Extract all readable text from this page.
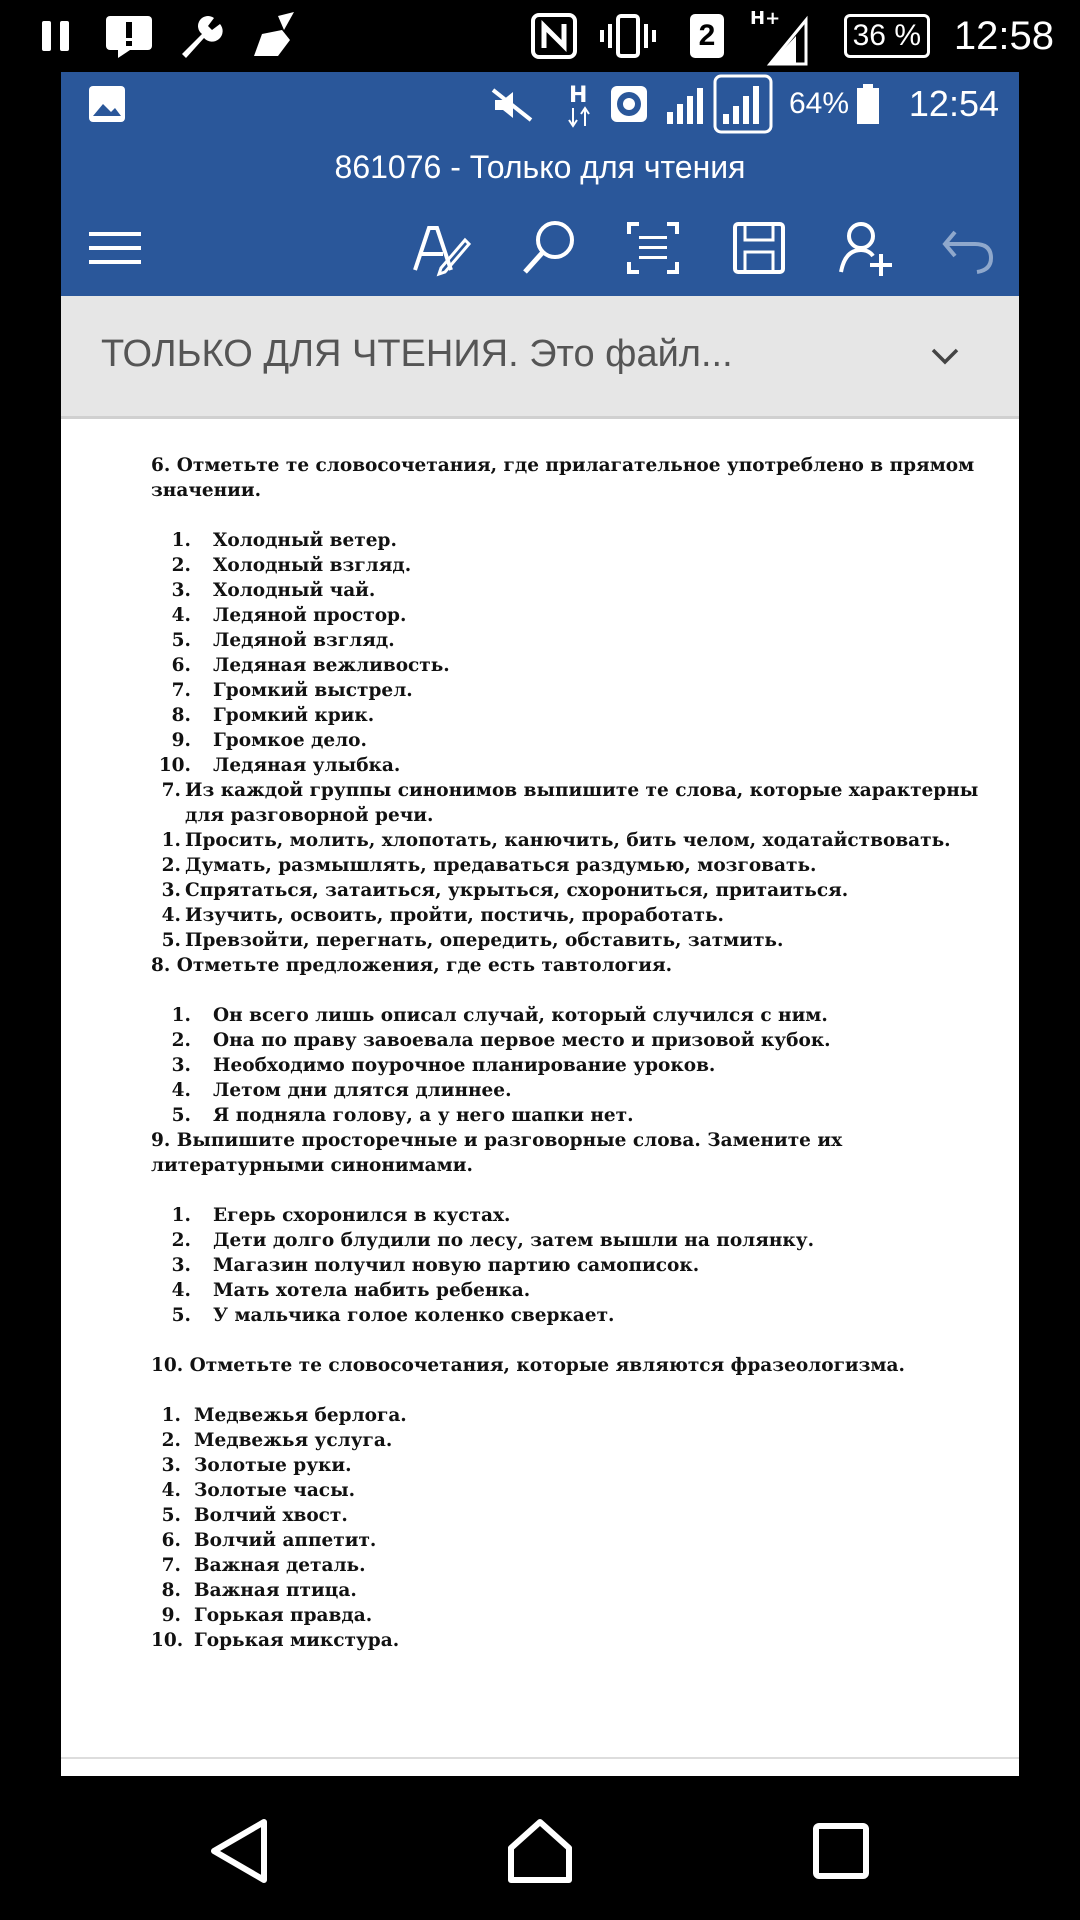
2
H+
36 % 12:58
H	64% 12:54
861076 - Только для чтения
ТОЛЬКО ДЛЯ ЧТЕНИЯ. Это файл...
6. Отметьте те словосочетания, где прилагательное употреблено в прямом значении.
1. Холодный ветер.
2. Холодный взгляд.
3. Холодный чай.
4. Ледяной простор.
5. Ледяной взгляд.
6. Ледяная вежливость.
7. Громкий выстрел.
8. Громкий крик.
9. Громкое дело.
10. Ледяная улыбка.
7. Из каждой группы синонимов выпишите те слова, которые характерны для разговорной речи.
1. Просить, молить, хлопотать, канючить, бить челом, ходатайствовать.
2. Думать, размышлять, предаваться раздумью, мозговать.
3. Спрятаться, затаиться, укрыться, схорониться, притаиться.
4. Изучить, освоить, пройти, постичь, проработать.
5. Превзойти, перегнать, опередить, обставить, затмить.
8. Отметьте предложения, где есть тавтология.
1. Он всего лишь описал случай, который случился с ним.
2. Она по праву завоевала первое место и призовой кубок.
3. Необходимо поурочное планирование уроков.
4. Летом дни длятся длиннее.
5. Я подняла голову, а у него шапки нет.
9. Выпишите просторечные и разговорные слова. Замените их литературными синонимами.
1. Егерь схоронился в кустах.
2. Дети долго блудили по лесу, затем вышли на полянку.
3. Магазин получил новую партию самописок.
4. Мать хотела набить ребенка.
5. У мальчика голое коленко сверкает.
10. Отметьте те словосочетания, которые являются фразеологизма.
1. Медвежья берлога.
2. Медвежья услуга.
3. Золотые руки.
4. Золотые часы.
5. Волчий хвост.
6. Волчий аппетит.
7. Важная деталь.
8. Важная птица.
9. Горькая правда.
10. Горькая микстура.
